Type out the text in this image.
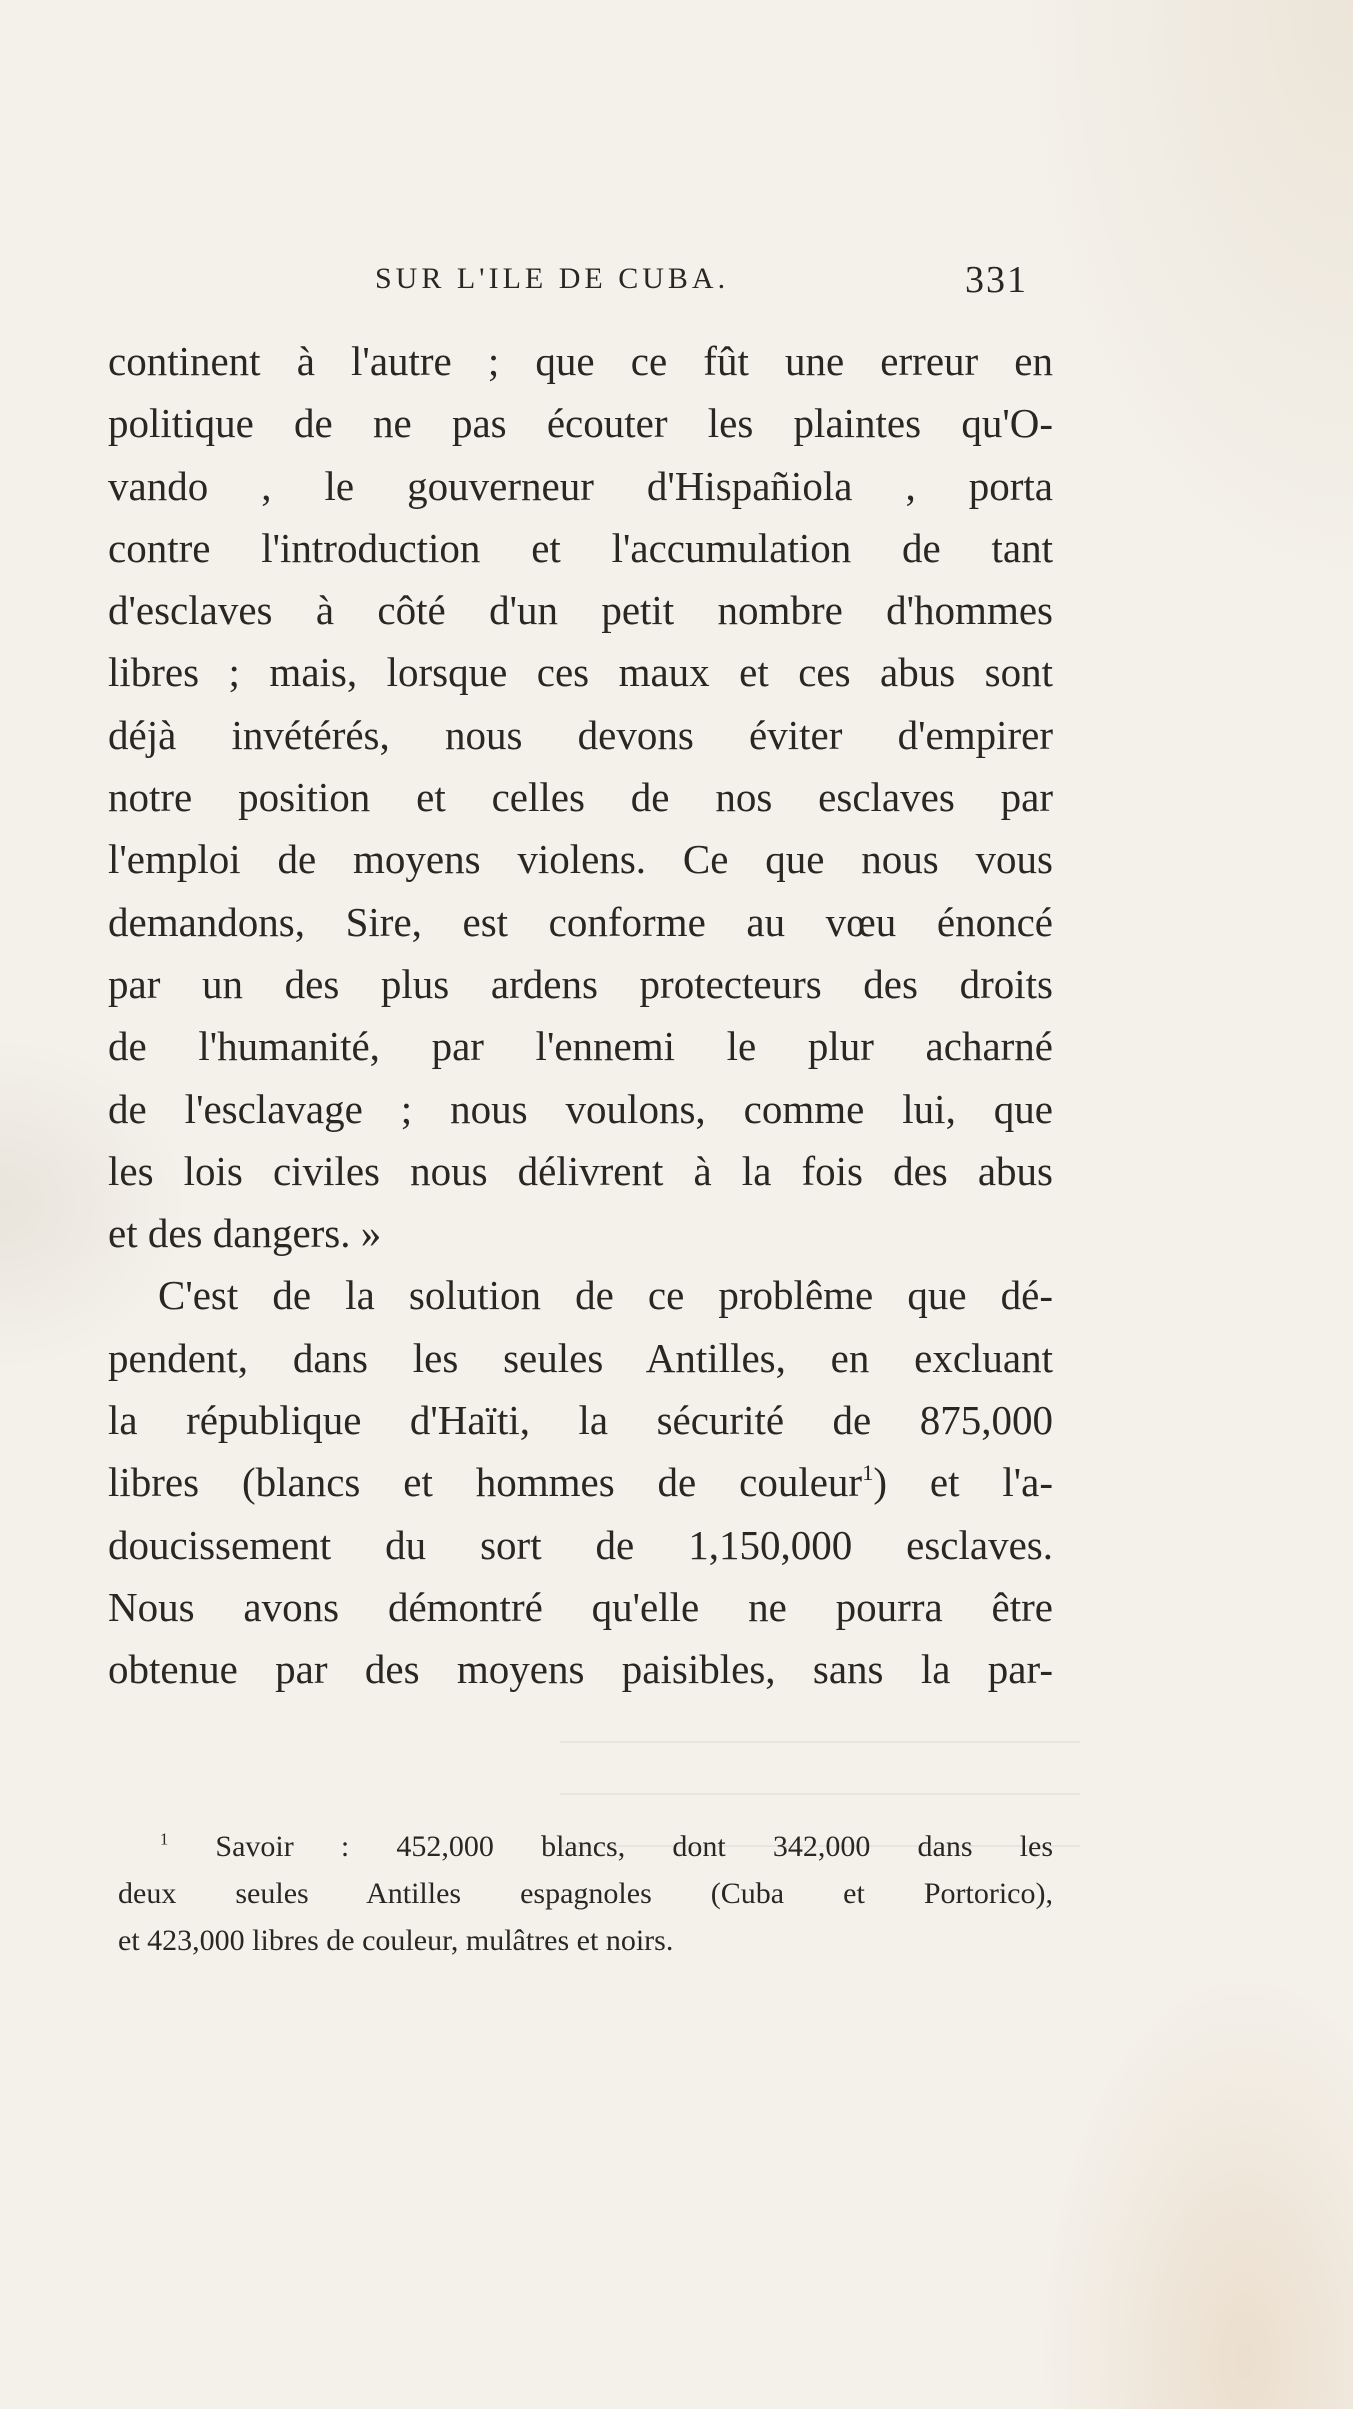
SUR L'ILE DE CUBA.	331
continent à l'autre ; que ce fût une erreur en
politique de ne pas écouter les plaintes qu'O-
vando , le gouverneur d'Hispañiola , porta
contre l'introduction et l'accumulation de tant
d'esclaves à côté d'un petit nombre d'hommes
libres ; mais, lorsque ces maux et ces abus sont
déjà invétérés, nous devons éviter d'empirer
notre position et celles de nos esclaves par
l'emploi de moyens violens. Ce que nous vous
demandons, Sire, est conforme au vœu énoncé
par un des plus ardens protecteurs des droits
de l'humanité, par l'ennemi le plur acharné
de l'esclavage ; nous voulons, comme lui, que
les lois civiles nous délivrent à la fois des abus
et des dangers. »
C'est de la solution de ce problême que dé-
pendent, dans les seules Antilles, en excluant
la république d'Haïti, la sécurité de 875,000
libres (blancs et hommes de couleur$^1$) et l'a-
doucissement du sort de 1,150,000 esclaves.
Nous avons démontré qu'elle ne pourra être
obtenue par des moyens paisibles, sans la par-
$^1$ Savoir : 452,000 blancs, dont 342,000 dans les
deux seules Antilles espagnoles (Cuba et Portorico),
et 423,000 libres de couleur, mulâtres et noirs.
